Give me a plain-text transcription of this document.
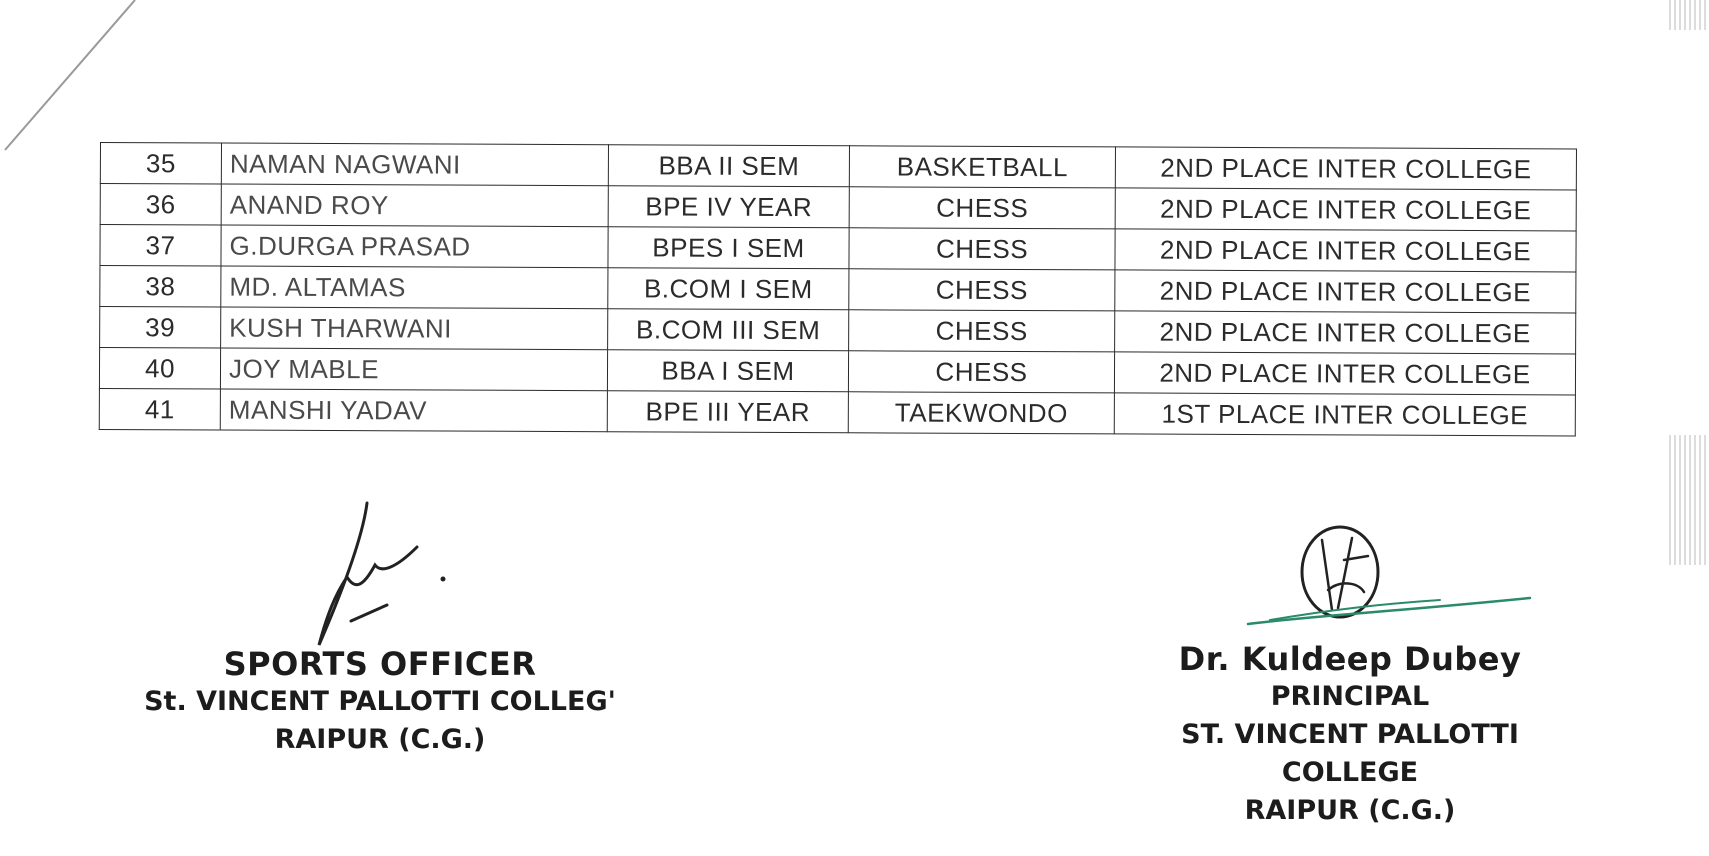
35	NAMAN NAGWANI	BBA II SEM	BASKETBALL	2ND PLACE INTER COLLEGE
36	ANAND ROY	BPE IV YEAR	CHESS	2ND PLACE INTER COLLEGE
37	G.DURGA PRASAD	BPES I SEM	CHESS	2ND PLACE INTER COLLEGE
38	MD. ALTAMAS	B.COM I SEM	CHESS	2ND PLACE INTER COLLEGE
39	KUSH THARWANI	B.COM III SEM	CHESS	2ND PLACE INTER COLLEGE
40	JOY MABLE	BBA I SEM	CHESS	2ND PLACE INTER COLLEGE
41	MANSHI YADAV	BPE III YEAR	TAEKWONDO	1ST PLACE INTER COLLEGE
SPORTS OFFICER
St. VINCENT PALLOTTI COLLEG'
RAIPUR (C.G.)
Dr. Kuldeep Dubey
PRINCIPAL
ST. VINCENT PALLOTTI COLLEGE
RAIPUR (C.G.)
